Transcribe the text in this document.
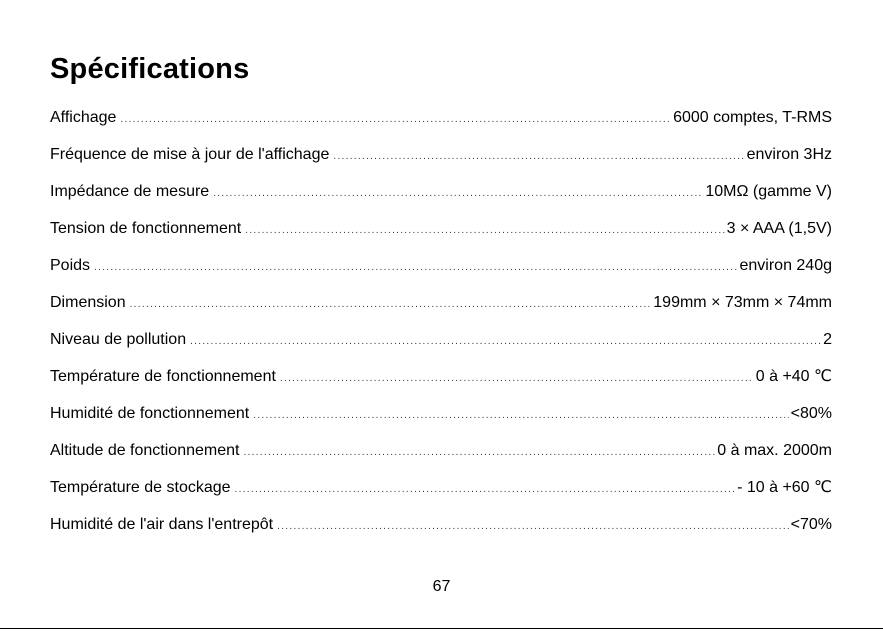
Spécifications
Affichage .....	6000 comptes, T-RMS
Fréquence de mise à jour de l'affichage .....	environ 3Hz
Impédance de mesure .....	10MΩ (gamme V)
Tension de fonctionnement .....	3 × AAA (1,5V)
Poids .....	environ 240g
Dimension .....	199mm × 73mm × 74mm
Niveau de pollution .....	2
Température de fonctionnement .....	0 à +40 ℃
Humidité de fonctionnement .....	<80%
Altitude de fonctionnement .....	0 à max. 2000m
Température de stockage .....	- 10 à +60 ℃
Humidité de l'air dans l'entrepôt .....	<70%
67
